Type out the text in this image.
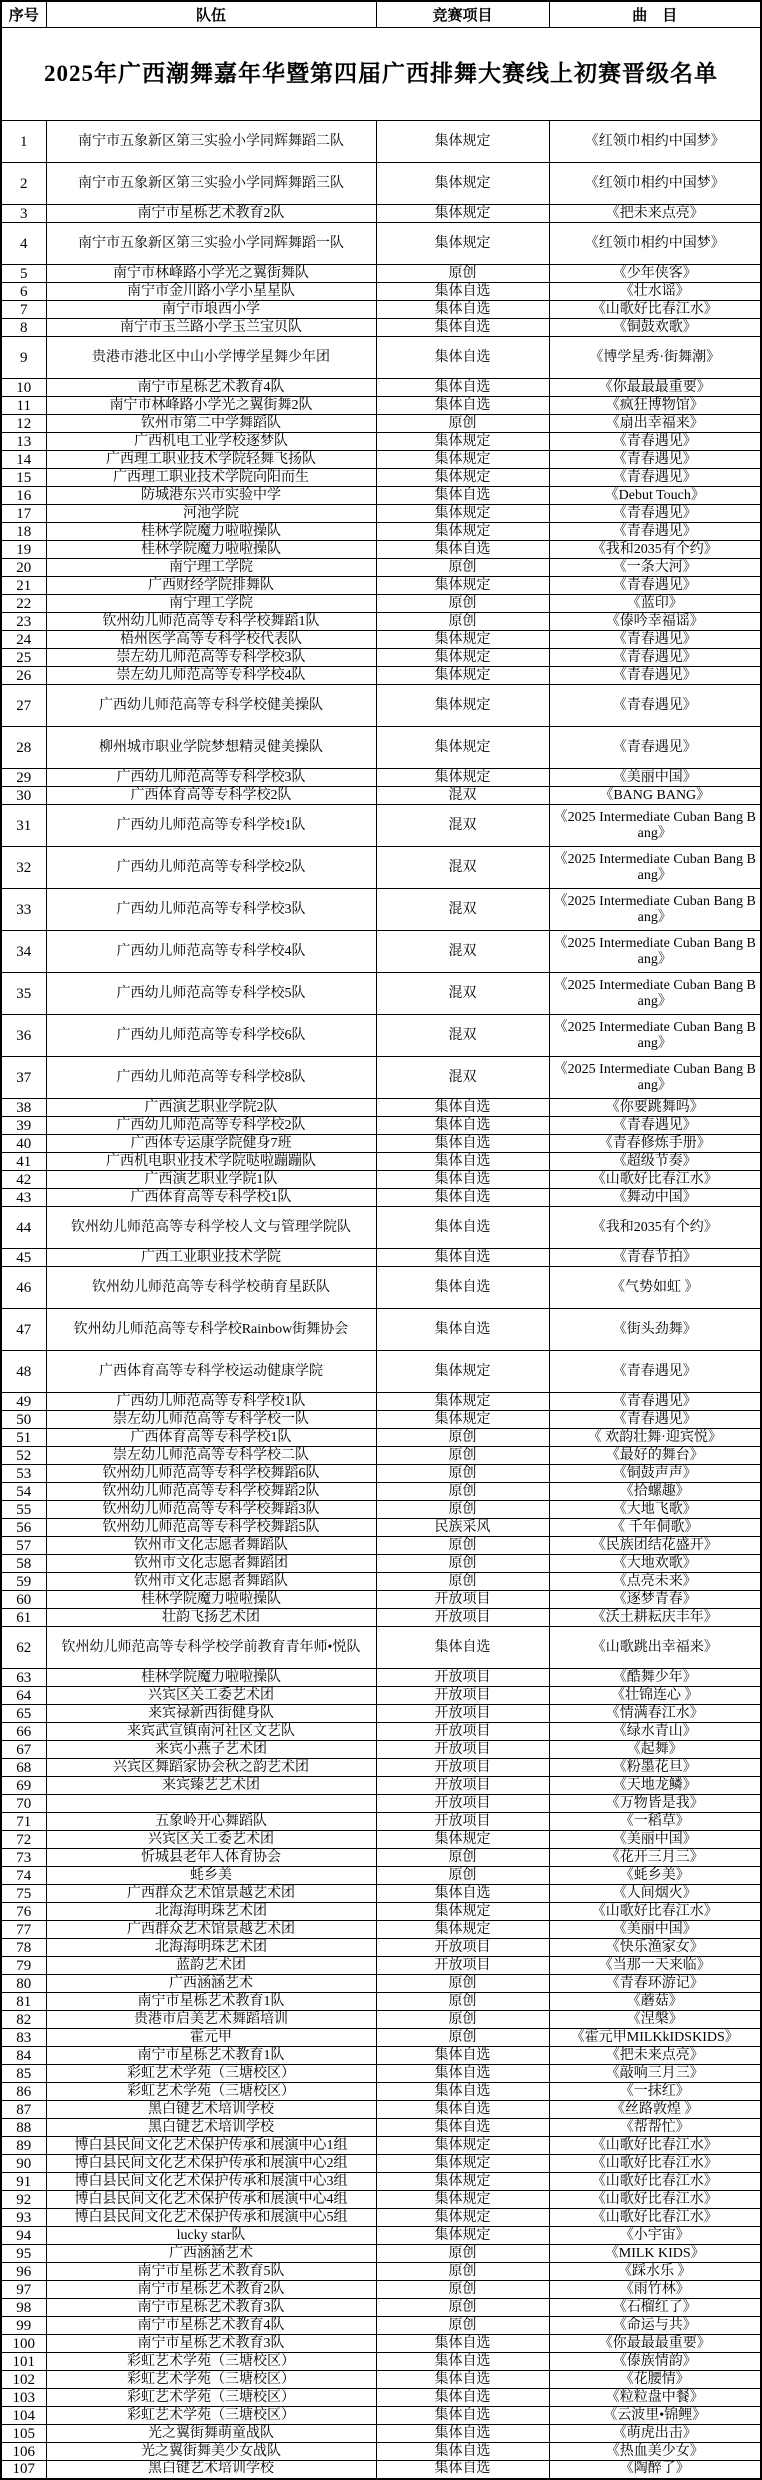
2025年广西潮舞嘉年华暨第四届广西排舞大赛线上初赛晋级名单			
序号	队伍	竞赛项目	曲　目
1	南宁市五象新区第三实验小学同辉舞蹈二队	集体规定	《红领巾相约中国梦》
2	南宁市五象新区第三实验小学同辉舞蹈三队	集体规定	《红领巾相约中国梦》
3	南宁市星栎艺术教育2队	集体规定	《把未来点亮》
4	南宁市五象新区第三实验小学同辉舞蹈一队	集体规定	《红领巾相约中国梦》
5	南宁市林峰路小学光之翼街舞队	原创	《少年侠客》
6	南宁市金川路小学小星星队	集体自选	《壮水谣》
7	南宁市埌西小学	集体自选	《山歌好比春江水》
8	南宁市玉兰路小学玉兰宝贝队	集体自选	《铜鼓欢歌》
9	贵港市港北区中山小学博学星舞少年团	集体自选	《博学星秀·街舞潮》
10	南宁市星栎艺术教育4队	集体自选	《你最最最重要》
11	南宁市林峰路小学光之翼街舞2队	集体自选	《疯狂博物馆》
12	钦州市第二中学舞蹈队	原创	《扇出幸福来》
13	广西机电工业学校逐梦队	集体规定	《青春遇见》
14	广西理工职业技术学院轻舞飞扬队	集体规定	《青春遇见》
15	广西理工职业技术学院向阳而生	集体规定	《青春遇见》
16	防城港东兴市实验中学	集体自选	《Debut Touch》
17	河池学院	集体规定	《青春遇见》
18	桂林学院魔力啦啦操队	集体规定	《青春遇见》
19	桂林学院魔力啦啦操队	集体自选	《我和2035有个约》
20	南宁理工学院	原创	《一条大河》
21	广西财经学院排舞队	集体规定	《青春遇见》
22	南宁理工学院	原创	《蓝印》
23	钦州幼儿师范高等专科学校舞蹈1队	原创	《傣吟幸福谣》
24	梧州医学高等专科学校代表队	集体规定	《青春遇见》
25	崇左幼儿师范高等专科学校3队	集体规定	《青春遇见》
26	崇左幼儿师范高等专科学校4队	集体规定	《青春遇见》
27	广西幼儿师范高等专科学校健美操队	集体规定	《青春遇见》
28	柳州城市职业学院梦想精灵健美操队	集体规定	《青春遇见》
29	广西幼儿师范高等专科学校3队	集体规定	《美丽中国》
30	广西体育高等专科学校2队	混双	《BANG BANG》
31	广西幼儿师范高等专科学校1队	混双	《2025 Intermediate Cuban Bang Bang》
32	广西幼儿师范高等专科学校2队	混双	《2025 Intermediate Cuban Bang Bang》
33	广西幼儿师范高等专科学校3队	混双	《2025 Intermediate Cuban Bang Bang》
34	广西幼儿师范高等专科学校4队	混双	《2025 Intermediate Cuban Bang Bang》
35	广西幼儿师范高等专科学校5队	混双	《2025 Intermediate Cuban Bang Bang》
36	广西幼儿师范高等专科学校6队	混双	《2025 Intermediate Cuban Bang Bang》
37	广西幼儿师范高等专科学校8队	混双	《2025 Intermediate Cuban Bang Bang》
38	广西演艺职业学院2队	集体自选	《你要跳舞吗》
39	广西幼儿师范高等专科学校2队	集体自选	《青春遇见》
40	广西体专运康学院健身7班	集体自选	《青春修炼手册》
41	广西机电职业技术学院哒啦蹦蹦队	集体自选	《超级节奏》
42	广西演艺职业学院1队	集体自选	《山歌好比春江水》
43	广西体育高等专科学校1队	集体自选	《舞动中国》
44	钦州幼儿师范高等专科学校人文与管理学院队	集体自选	《我和2035有个约》
45	广西工业职业技术学院	集体自选	《青春节拍》
46	钦州幼儿师范高等专科学校萌育星跃队	集体自选	《气势如虹 》
47	钦州幼儿师范高等专科学校Rainbow街舞协会	集体自选	《街头劲舞》
48	广西体育高等专科学校运动健康学院	集体规定	《青春遇见》
49	广西幼儿师范高等专科学校1队	集体规定	《青春遇见》
50	崇左幼儿师范高等专科学校一队	集体规定	《青春遇见》
51	广西体育高等专科学校1队	原创	《 欢韵壮舞·迎宾悦》
52	崇左幼儿师范高等专科学校二队	原创	《最好的舞台》
53	钦州幼儿师范高等专科学校舞蹈6队	原创	《铜鼓声声》
54	钦州幼儿师范高等专科学校舞蹈2队	原创	《拾螺趣》
55	钦州幼儿师范高等专科学校舞蹈3队	原创	《大地飞歌》
56	钦州幼儿师范高等专科学校舞蹈5队	民族采风	《 千年侗歌》
57	钦州市文化志愿者舞蹈队	原创	《民族团结花盛开》
58	钦州市文化志愿者舞蹈团	原创	《大地欢歌》
59	钦州市文化志愿者舞蹈队	原创	《点亮未来》
60	桂林学院魔力啦啦操队	开放项目	《逐梦青春》
61	壮韵飞扬艺术团	开放项目	《沃土耕耘庆丰年》
62	钦州幼儿师范高等专科学校学前教育青年师•悦队	集体自选	《山歌跳出幸福来》
63	桂林学院魔力啦啦操队	开放项目	《酷舞少年》
64	兴宾区关工委艺术团	开放项目	《壮锦连心 》
65	来宾禄新西街健身队	开放项目	《情满春江水》
66	来宾武宣镇南河社区文艺队	开放项目	《绿水青山》
67	来宾小燕子艺术团	开放项目	《起舞》
68	兴宾区舞蹈家协会秋之韵艺术团	开放项目	《粉墨花旦》
69	来宾臻艺艺术团	开放项目	《天地龙鳞》
70		开放项目	《万物皆是我》
71	五象岭开心舞蹈队	开放项目	《一稻草》
72	兴宾区关工委艺术团	集体规定	《美丽中国》
73	忻城县老年人体育协会	原创	《花开三月三》
74	蚝乡美	原创	《蚝乡美》
75	广西群众艺术馆景越艺术团	集体自选	《人间烟火》
76	北海海明珠艺术团	集体规定	《山歌好比春江水》
77	广西群众艺术馆景越艺术团	集体规定	《美丽中国》
78	北海海明珠艺术团	开放项目	《快乐渔家女》
79	蓝韵艺术团	开放项目	《当那一天来临》
80	广西涵涵艺术	原创	《青春环游记》
81	南宁市星栎艺术教育1队	原创	《蘑菇》
82	贵港市启美艺术舞蹈培训	原创	《涅槃》
83	霍元甲	原创	《霍元甲MILKkIDSKIDS》
84	南宁市星栎艺术教育1队	集体自选	《把未来点亮》
85	彩虹艺术学苑（三塘校区）	集体自选	《敲响三月三》
86	彩虹艺术学苑（三塘校区）	集体自选	《一抹红》
87	黑白键艺术培训学校	集体自选	《丝路敦煌 》
88	黑白键艺术培训学校	集体自选	《帮帮忙》
89	博白县民间文化艺术保护传承和展演中心1组	集体规定	《山歌好比春江水》
90	博白县民间文化艺术保护传承和展演中心2组	集体规定	《山歌好比春江水》
91	博白县民间文化艺术保护传承和展演中心3组	集体规定	《山歌好比春江水》
92	博白县民间文化艺术保护传承和展演中心4组	集体规定	《山歌好比春江水》
93	博白县民间文化艺术保护传承和展演中心5组	集体规定	《山歌好比春江水》
94	lucky star队	集体规定	《小宇宙》
95	广西涵涵艺术	原创	《MILK KIDS》
96	南宁市星栎艺术教育5队	原创	《踩水乐 》
97	南宁市星栎艺术教育2队	原创	《雨竹林》
98	南宁市星栎艺术教育3队	原创	《石榴红了》
99	南宁市星栎艺术教育4队	原创	《命运与共》
100	南宁市星栎艺术教育3队	集体自选	《你最最最重要》
101	彩虹艺术学苑（三塘校区）	集体自选	《傣族情韵》
102	彩虹艺术学苑（三塘校区）	集体自选	《花腰情》
103	彩虹艺术学苑（三塘校区）	集体自选	《粒粒盘中餐》
104	彩虹艺术学苑（三塘校区）	集体自选	《云波里•锦鲤》
105	光之翼街舞萌童战队	集体自选	《萌虎出击》
106	光之翼街舞美少女战队	集体自选	《热血美少女》
107	黑白键艺术培训学校	集体自选	《陶醉了》
